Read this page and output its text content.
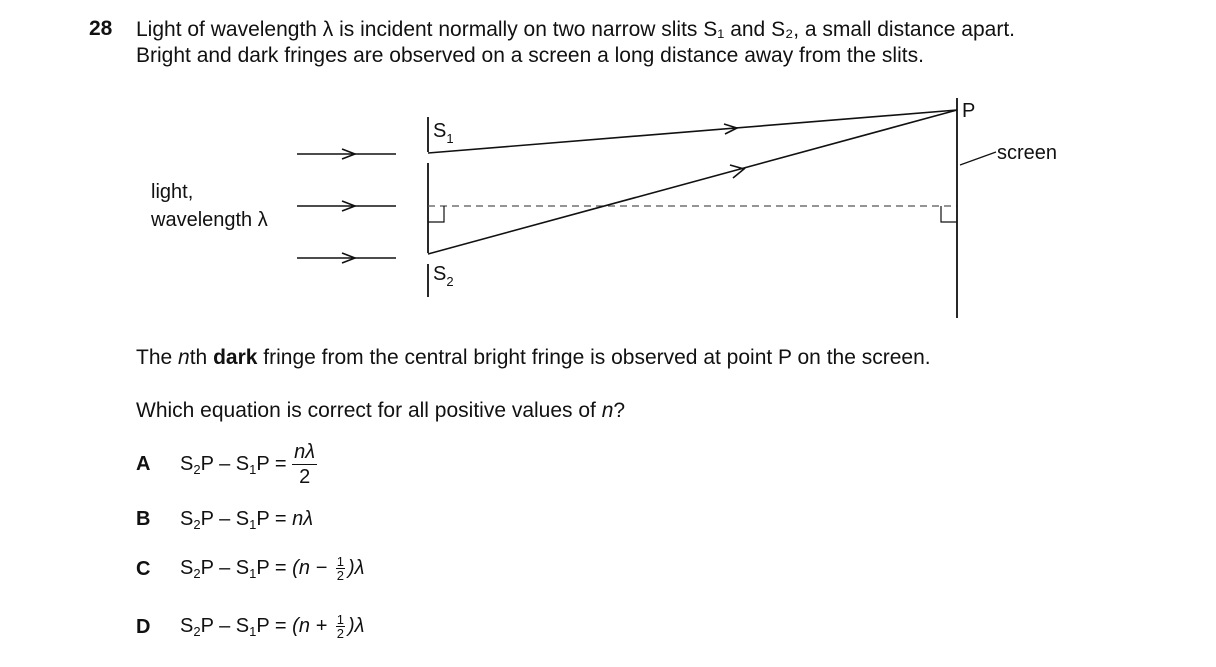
28 Light of wavelength λ is incident normally on two narrow slits S₁ and S₂, a small distance apart.
Bright and dark fringes are observed on a screen a long distance away from the slits.
light,
wavelength λ
$S_1$
$S_2$
P
screen
The nth dark fringe from the central bright fringe is observed at point P on the screen.
Which equation is correct for all positive values of n?
A $S_2P - S_1P = \frac{n\lambda}{2}$
B $S_2P - S_1P = n\lambda$
C $S_2P - S_1P = (n - \frac{1}{2} )\lambda$
D $S_2P - S_1P = (n + \frac{1}{2} )\lambda$
